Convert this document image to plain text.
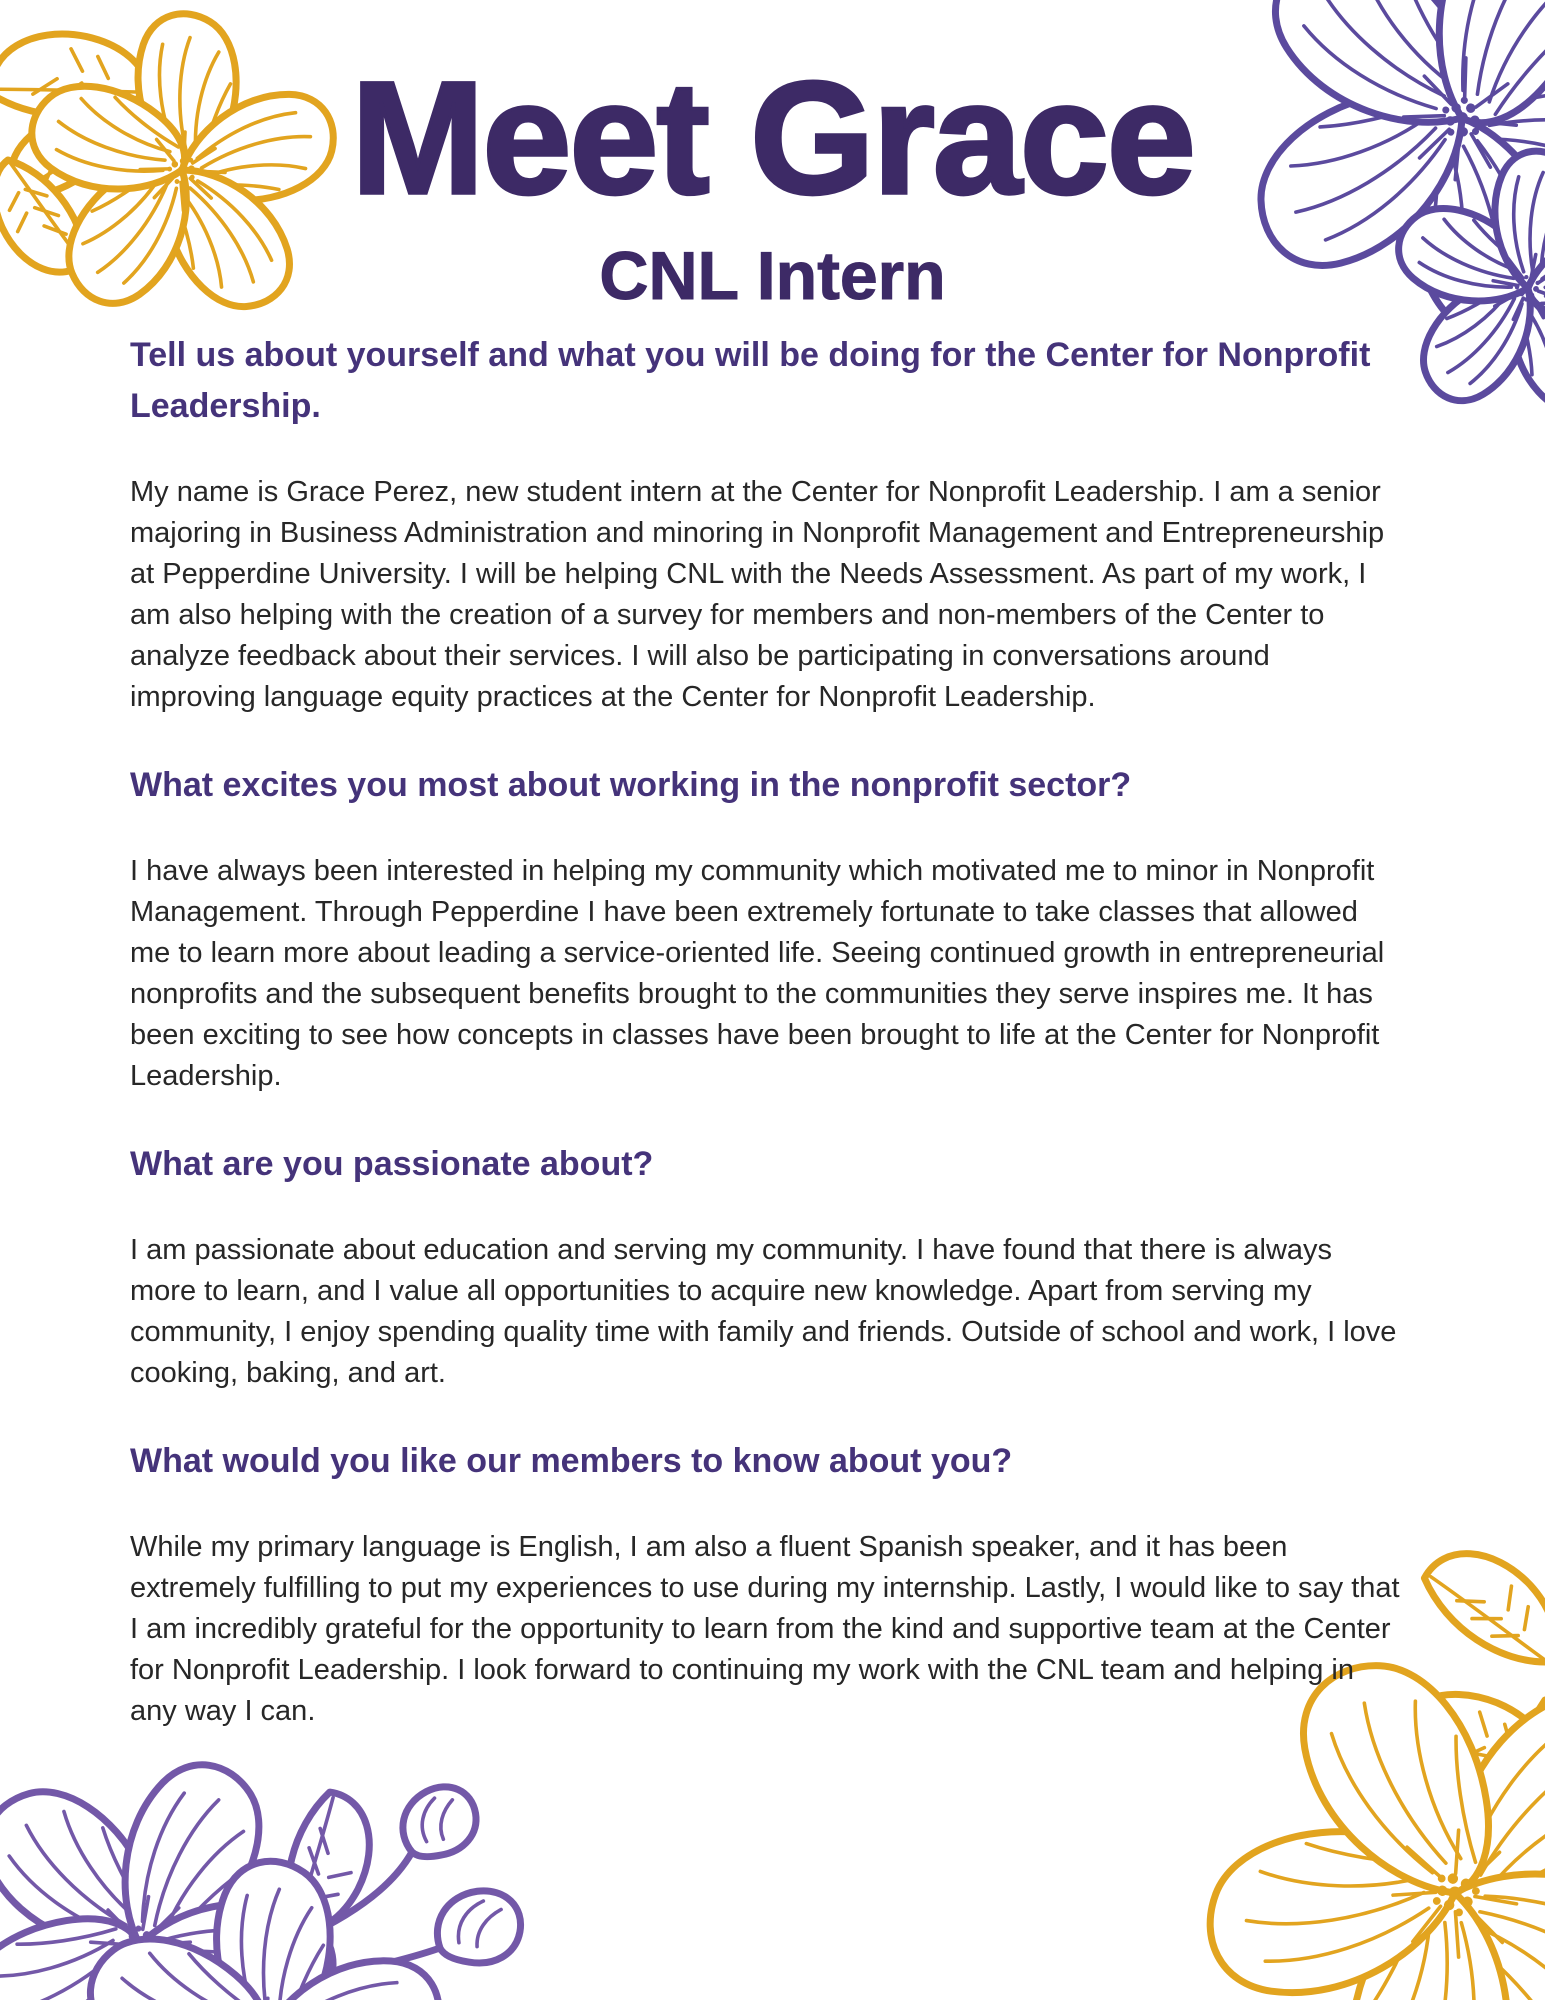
Meet Grace
CNL Intern
Tell us about yourself and what you will be doing for the Center for Nonprofit Leadership.

My name is Grace Perez, new student intern at the Center for Nonprofit Leadership. I am a senior majoring in Business Administration and minoring in Nonprofit Management and Entrepreneurship at Pepperdine University. I will be helping CNL with the Needs Assessment. As part of my work, I am also helping with the creation of a survey for members and non-members of the Center to analyze feedback about their services. I will also be participating in conversations around improving language equity practices at the Center for Nonprofit Leadership.

What excites you most about working in the nonprofit sector?

I have always been interested in helping my community which motivated me to minor in Nonprofit Management. Through Pepperdine I have been extremely fortunate to take classes that allowed me to learn more about leading a service-oriented life. Seeing continued growth in entrepreneurial nonprofits and the subsequent benefits brought to the communities they serve inspires me. It has been exciting to see how concepts in classes have been brought to life at the Center for Nonprofit Leadership.

What are you passionate about?

I am passionate about education and serving my community. I have found that there is always more to learn, and I value all opportunities to acquire new knowledge. Apart from serving my community, I enjoy spending quality time with family and friends. Outside of school and work, I love cooking, baking, and art.

What would you like our members to know about you?

While my primary language is English, I am also a fluent Spanish speaker, and it has been extremely fulfilling to put my experiences to use during my internship. Lastly, I would like to say that I am incredibly grateful for the opportunity to learn from the kind and supportive team at the Center for Nonprofit Leadership. I look forward to continuing my work with the CNL team and helping in any way I can.
